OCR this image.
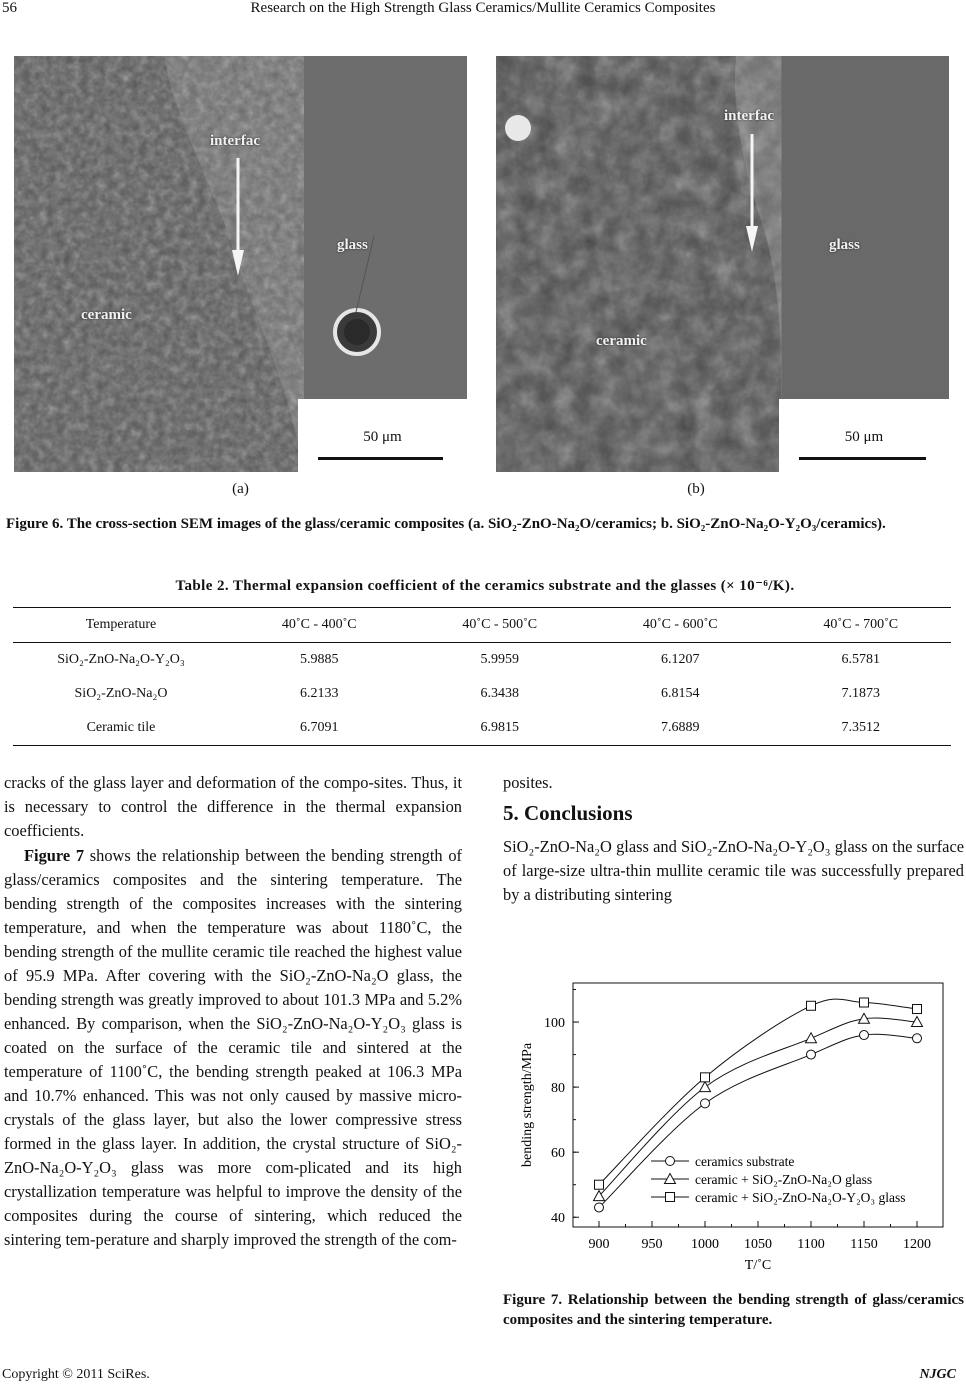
56	Research on the High Strength Glass Ceramics/Mullite Ceramics Composites
interfac
glass
ceramic
50 μm
interfac
glass
ceramic
50 μm
(a)	(b)
Figure 6. The cross-section SEM images of the glass/ceramic composites (a. SiO₂-ZnO-Na₂O/ceramics; b. SiO₂-ZnO-Na₂O-Y₂O₃/ceramics).
Table 2. Thermal expansion coefficient of the ceramics substrate and the glasses (× 10⁻⁶/K).
Temperature	40˚C - 400˚C	40˚C - 500˚C	40˚C - 600˚C	40˚C - 700˚C
SiO₂-ZnO-Na₂O-Y₂O₃	5.9885	5.9959	6.1207	6.5781
SiO₂-ZnO-Na₂O	6.2133	6.3438	6.8154	7.1873
Ceramic tile	6.7091	6.9815	7.6889	7.3512

cracks of the glass layer and deformation of the compo-sites. Thus, it is necessary to control the difference in the thermal expansion coefficients.

Figure 7 shows the relationship between the bending strength of glass/ceramics composites and the sintering temperature. The bending strength of the composites increases with the sintering temperature, and when the temperature was about 1180˚C, the bending strength of the mullite ceramic tile reached the highest value of 95.9 MPa. After covering with the SiO₂-ZnO-Na₂O glass, the bending strength was greatly improved to about 101.3 MPa and 5.2% enhanced. By comparison, when the SiO₂-ZnO-Na₂O-Y₂O₃ glass is coated on the surface of the ceramic tile and sintered at the temperature of 1100˚C, the bending strength peaked at 106.3 MPa and 10.7% enhanced. This was not only caused by massive micro-crystals of the glass layer, but also the lower compressive stress formed in the glass layer. In addition, the crystal structure of SiO₂-ZnO-Na₂O-Y₂O₃ glass was more com-plicated and its high crystallization temperature was helpful to improve the density of the composites during the course of sintering, which reduced the sintering tem-perature and sharply improved the strength of the com-

posites.

5. Conclusions

SiO₂-ZnO-Na₂O glass and SiO₂-ZnO-Na₂O-Y₂O₃ glass on the surface of large-size ultra-thin mullite ceramic tile was successfully prepared by a distributing sintering

900 950 1000 1050 1100 1150 1200
40
60
80
100
T/˚C
bending strength/MPa	ceramics substrate
ceramic + SiO₂-ZnO-Na₂O glass
ceramic + SiO₂-ZnO-Na₂O-Y₂O₃ glass
Figure 7. Relationship between the bending strength of glass/ceramics composites and the sintering temperature.
Copyright © 2011 SciRes.	NJGC
